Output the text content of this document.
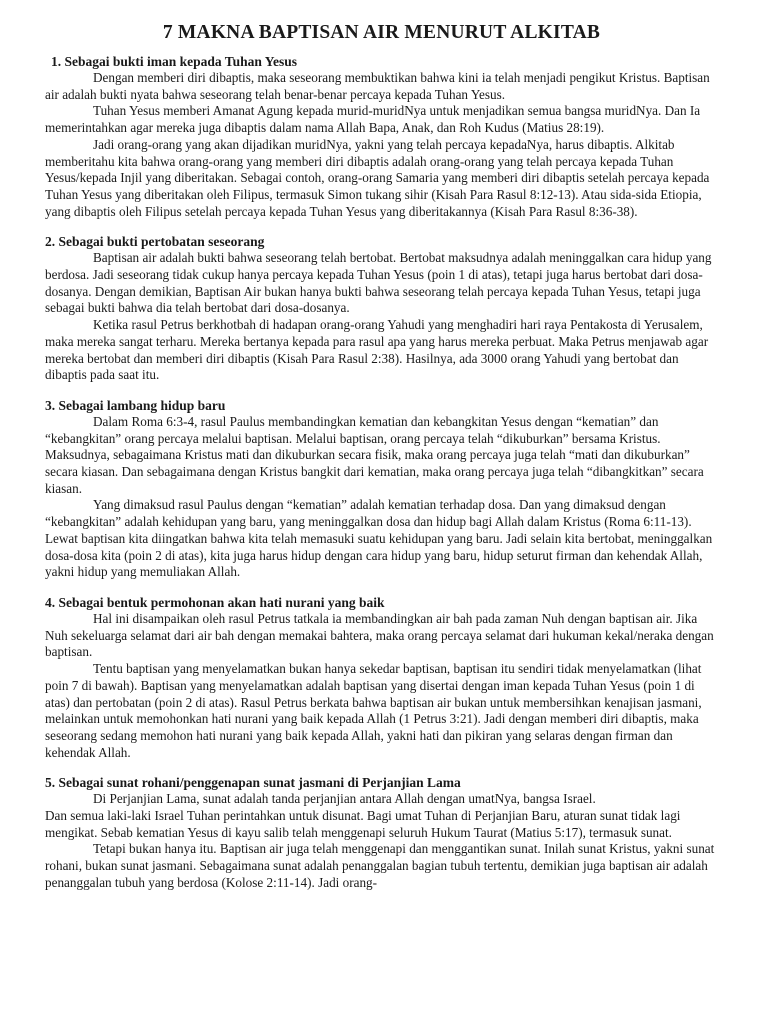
7 MAKNA BAPTISAN AIR MENURUT ALKITAB
1. Sebagai bukti iman kepada Tuhan Yesus

Dengan memberi diri dibaptis, maka seseorang membuktikan bahwa kini ia telah menjadi pengikut Kristus. Baptisan air adalah bukti nyata bahwa seseorang telah benar-benar percaya kepada Tuhan Yesus.

Tuhan Yesus memberi Amanat Agung kepada murid-muridNya untuk menjadikan semua bangsa muridNya. Dan Ia memerintahkan agar mereka juga dibaptis dalam nama Allah Bapa, Anak, dan Roh Kudus (Matius 28:19).

Jadi orang-orang yang akan dijadikan muridNya, yakni yang telah percaya kepadaNya, harus dibaptis. Alkitab memberitahu kita bahwa orang-orang yang memberi diri dibaptis adalah orang-orang yang telah percaya kepada Tuhan Yesus/kepada Injil yang diberitakan. Sebagai contoh, orang-orang Samaria yang memberi diri dibaptis setelah percaya kepada Tuhan Yesus yang diberitakan oleh Filipus, termasuk Simon tukang sihir (Kisah Para Rasul 8:12-13). Atau sida-sida Etiopia, yang dibaptis oleh Filipus setelah percaya kepada Tuhan Yesus yang diberitakannya (Kisah Para Rasul 8:36-38).

2. Sebagai bukti pertobatan seseorang

Baptisan air adalah bukti bahwa seseorang telah bertobat. Bertobat maksudnya adalah meninggalkan cara hidup yang berdosa. Jadi seseorang tidak cukup hanya percaya kepada Tuhan Yesus (poin 1 di atas), tetapi juga harus bertobat dari dosa-dosanya. Dengan demikian, Baptisan Air bukan hanya bukti bahwa seseorang telah percaya kepada Tuhan Yesus, tetapi juga sebagai bukti bahwa dia telah bertobat dari dosa-dosanya.

Ketika rasul Petrus berkhotbah di hadapan orang-orang Yahudi yang menghadiri hari raya Pentakosta di Yerusalem, maka mereka sangat terharu. Mereka bertanya kepada para rasul apa yang harus mereka perbuat. Maka Petrus menjawab agar mereka bertobat dan memberi diri dibaptis (Kisah Para Rasul 2:38). Hasilnya, ada 3000 orang Yahudi yang bertobat dan dibaptis pada saat itu.

3. Sebagai lambang hidup baru

Dalam Roma 6:3-4, rasul Paulus membandingkan kematian dan kebangkitan Yesus dengan “kematian” dan “kebangkitan” orang percaya melalui baptisan. Melalui baptisan, orang percaya telah “dikuburkan” bersama Kristus. Maksudnya, sebagaimana Kristus mati dan dikuburkan secara fisik, maka orang percaya juga telah “mati dan dikuburkan” secara kiasan. Dan sebagaimana dengan Kristus bangkit dari kematian, maka orang percaya juga telah “dibangkitkan” secara kiasan.

Yang dimaksud rasul Paulus dengan “kematian” adalah kematian terhadap dosa. Dan yang dimaksud dengan “kebangkitan” adalah kehidupan yang baru, yang meninggalkan dosa dan hidup bagi Allah dalam Kristus (Roma 6:11-13). Lewat baptisan kita diingatkan bahwa kita telah memasuki suatu kehidupan yang baru. Jadi selain kita bertobat, meninggalkan dosa-dosa kita (poin 2 di atas), kita juga harus hidup dengan cara hidup yang baru, hidup seturut firman dan kehendak Allah, yakni hidup yang memuliakan Allah.

4. Sebagai bentuk permohonan akan hati nurani yang baik

Hal ini disampaikan oleh rasul Petrus tatkala ia membandingkan air bah pada zaman Nuh dengan baptisan air. Jika Nuh sekeluarga selamat dari air bah dengan memakai bahtera, maka orang percaya selamat dari hukuman kekal/neraka dengan baptisan.

Tentu baptisan yang menyelamatkan bukan hanya sekedar baptisan, baptisan itu sendiri tidak menyelamatkan (lihat poin 7 di bawah). Baptisan yang menyelamatkan adalah baptisan yang disertai dengan iman kepada Tuhan Yesus (poin 1 di atas) dan pertobatan (poin 2 di atas). Rasul Petrus berkata bahwa baptisan air bukan untuk membersihkan kenajisan jasmani, melainkan untuk memohonkan hati nurani yang baik kepada Allah (1 Petrus 3:21). Jadi dengan memberi diri dibaptis, maka seseorang sedang memohon hati nurani yang baik kepada Allah, yakni hati dan pikiran yang selaras dengan firman dan kehendak Allah.

5. Sebagai sunat rohani/penggenapan sunat jasmani di Perjanjian Lama

Di Perjanjian Lama, sunat adalah tanda perjanjian antara Allah dengan umatNya, bangsa Israel.

Dan semua laki-laki Israel Tuhan perintahkan untuk disunat. Bagi umat Tuhan di Perjanjian Baru, aturan sunat tidak lagi mengikat. Sebab kematian Yesus di kayu salib telah menggenapi seluruh Hukum Taurat (Matius 5:17), termasuk sunat.

Tetapi bukan hanya itu. Baptisan air juga telah menggenapi dan menggantikan sunat. Inilah sunat Kristus, yakni sunat rohani, bukan sunat jasmani. Sebagaimana sunat adalah penanggalan bagian tubuh tertentu, demikian juga baptisan air adalah penanggalan tubuh yang berdosa (Kolose 2:11-14). Jadi orang-
